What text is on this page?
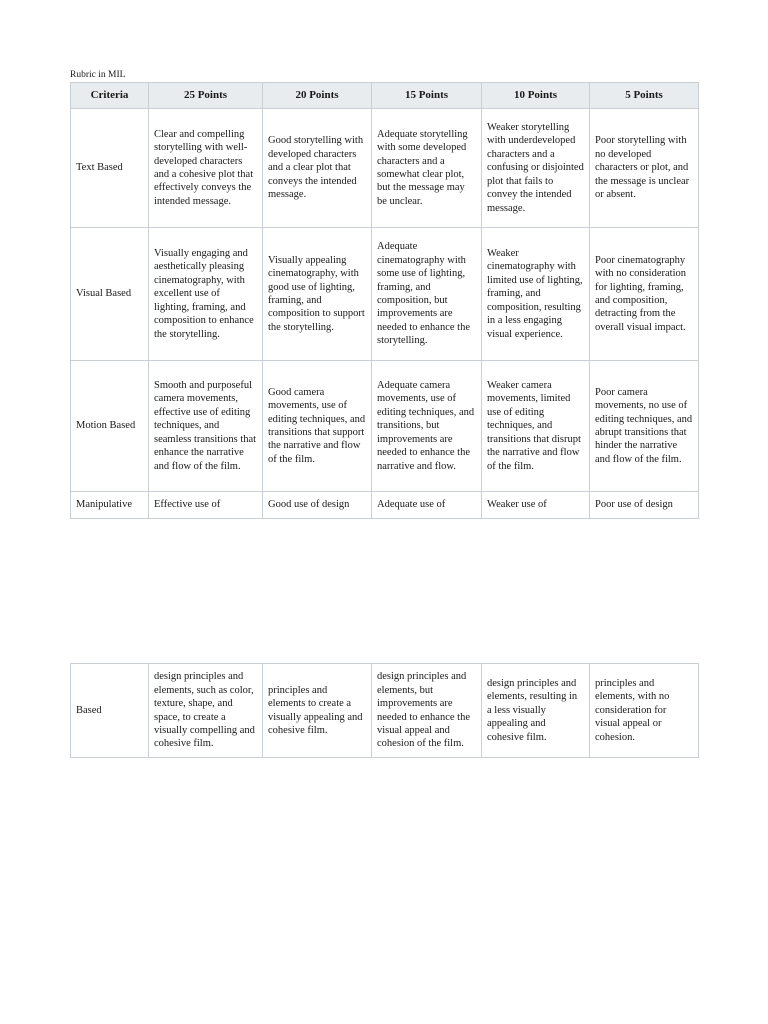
Rubric in MIL
Criteria	25 Points	20 Points	15 Points	10 Points	5 Points
Text Based	Clear and compelling storytelling with well-developed characters and a cohesive plot that effectively conveys the intended message.	Good storytelling with developed characters and a clear plot that conveys the intended message.	Adequate storytelling with some developed characters and a somewhat clear plot, but the message may be unclear.	Weaker storytelling with underdeveloped characters and a confusing or disjointed plot that fails to convey the intended message.	Poor storytelling with no developed characters or plot, and the message is unclear or absent.
Visual Based	Visually engaging and aesthetically pleasing cinematography, with excellent use of lighting, framing, and composition to enhance the storytelling.	Visually appealing cinematography, with good use of lighting, framing, and composition to support the storytelling.	Adequate cinematography with some use of lighting, framing, and composition, but improvements are needed to enhance the storytelling.	Weaker cinematography with limited use of lighting, framing, and composition, resulting in a less engaging visual experience.	Poor cinematography with no consideration for lighting, framing, and composition, detracting from the overall visual impact.
Motion Based	Smooth and purposeful camera movements, effective use of editing techniques, and seamless transitions that enhance the narrative and flow of the film.	Good camera movements, use of editing techniques, and transitions that support the narrative and flow of the film.	Adequate camera movements, use of editing techniques, and transitions, but improvements are needed to enhance the narrative and flow.	Weaker camera movements, limited use of editing techniques, and transitions that disrupt the narrative and flow of the film.	Poor camera movements, no use of editing techniques, and abrupt transitions that hinder the narrative and flow of the film.
Manipulative	Effective use of	Good use of design	Adequate use of	Weaker use of	Poor use of design
Based	design principles and elements, such as color, texture, shape, and space, to create a visually compelling and cohesive film.	principles and elements to create a visually appealing and cohesive film.	design principles and elements, but improvements are needed to enhance the visual appeal and cohesion of the film.	design principles and elements, resulting in a less visually appealing and cohesive film.	principles and elements, with no consideration for visual appeal or cohesion.
